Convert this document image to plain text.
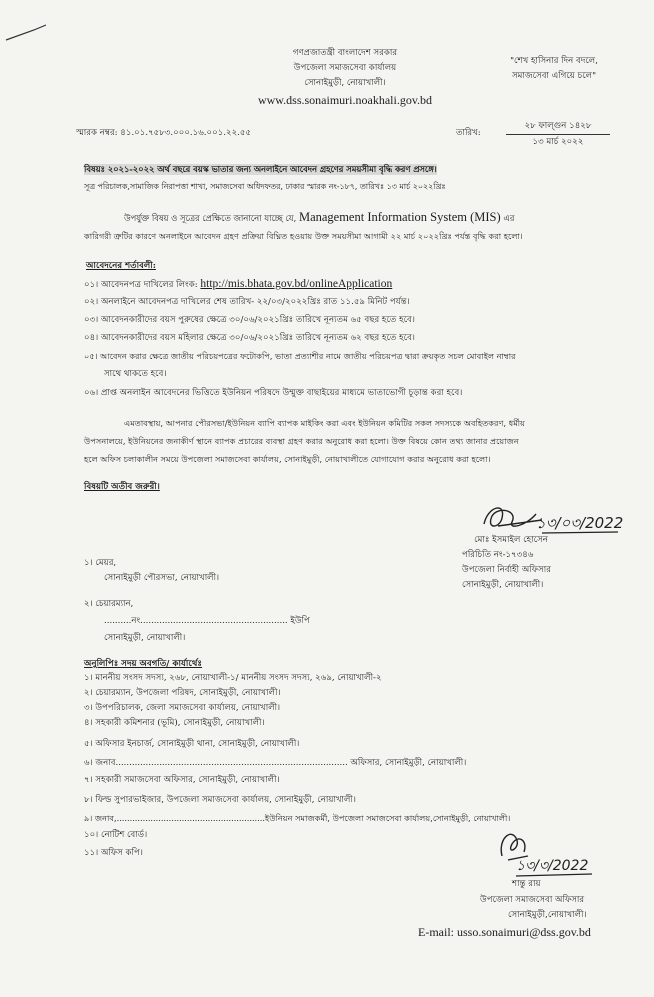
গণপ্রজাতন্ত্রী বাংলাদেশ সরকার
উপজেলা সমাজসেবা কার্যালয়
সোনাইমুড়ী, নোয়াখালী।
www.dss.sonaimuri.noakhali.gov.bd
"শেখ হাসিনার দিন বদলে,
সমাজসেবা এগিয়ে চলে"
স্মারক নম্বর: ৪১.০১.৭৫৮৩.০০০.১৬.০০১.২২.৫৫	তারিখ:
২৮ ফাল্গুন ১৪২৮
১৩ মার্চ ২০২২
বিষয়ঃ ২০২১-২০২২ অর্থ বছরে বয়স্ক ভাতার জন্য অনলাইনে আবেদন গ্রহণের সময়সীমা বৃদ্ধি করণ প্রসঙ্গে।
সূত্র পরিচালক,সামাজিক নিরাপত্তা শাখা, সমাজসেবা অধিদফতর, ঢাকার স্মারক নং-১৮৭, তারিখঃ ১৩ মার্চ ২০২২খ্রিঃ
উপর্যুক্ত বিষয় ও সূত্রের প্রেক্ষিতে জানানো যাচ্ছে যে, Management Information System (MIS) এর
কারিগরী ত্রুটির কারণে অনলাইনে আবেদন গ্রহণ প্রক্রিয়া বিঘ্নিত হওয়ায় উক্ত সময়সীমা আগামী ২২ মার্চ ২০২২খ্রিঃ পর্যন্ত বৃদ্ধি করা হলো।
আবেদনের শর্তাবলী:
০১। আবেদনপত্র দাখিলের লিংক: http://mis.bhata.gov.bd/onlineApplication
০২। অনলাইনে আবেদনপত্র দাখিলের শেষ তারিখ- ২২/০৩/২০২২খ্রিঃ রাত ১১.৫৯ মিনিট পর্যন্ত।
০৩। আবেদনকারীদের বয়স পুরুষের ক্ষেত্রে ৩০/০৬/২০২১খ্রিঃ তারিখে নূন্যতম ৬৫ বছর হতে হবে।
০৪। আবেদনকারীদের বয়স মহিলার ক্ষেত্রে ৩০/০৬/২০২১খ্রিঃ তারিখে নূন্যতম ৬২ বছর হতে হবে।
০৫। আবেদন করার ক্ষেত্রে জাতীয় পরিচয়পত্রের ফটোকপি, ভাতা প্রত্যাশীর নামে জাতীয় পরিচয়পত্র দ্বারা ক্রয়কৃত সচল মোবাইল নাম্বার
সাথে থাকতে হবে।
০৬। প্রাপ্ত অনলাইন আবেদনের ভিত্তিতে ইউনিয়ন পরিষদে উম্মুক্ত বাছাইয়ের মাধ্যমে ভাতাভোগী চূড়ান্ত করা হবে।
এমতাবস্থায়, আপনার পৌরসভা/ইউনিয়ন ব্যাপি ব্যাপক মাইকিং করা এবং ইউনিয়ন কমিটির সকল সদস্যকে অবহিতকরণ, ধর্মীয়
উপসনালয়ে, ইউনিয়নের জনাকীর্ণ স্থানে ব্যাপক প্রচারের ব্যবস্থা গ্রহণ করার অনুরোধ করা হলো। উক্ত বিষয়ে কোন তথ্য জানার প্রয়োজন
হলে অফিস চলাকালীন সময়ে উপজেলা সমাজসেবা কার্যালয়, সোনাইমুড়ী, নোয়াখালীতে যোগাযোগ করার অনুরোধ করা হলো।
বিষয়টি অতীব জরুরী।
১৩/০৩/2022
মোঃ ইসমাইল হোসেন
পরিচিতি নং-১৭৩৪৬
উপজেলা নির্বাহী অফিসার
সোনাইমুড়ী, নোয়াখালী।
১। মেয়র,
সোনাইমুড়ী পৌরসভা, নোয়াখালী।
২। চেয়ারম্যান,
..........নং...................................................... ইউপি
সোনাইমুড়ী, নোয়াখালী।
অনুলিপিঃ সদয় অবগতি/ কার্যার্থেঃ
১। মাননীয় সংসদ সদস্য, ২৬৮, নোয়াখালী-১/ মাননীয় সংসদ সদস্য, ২৬৯, নোয়াখালী-২
২। চেয়ারম্যান, উপজেলা পরিষদ, সোনাইমুড়ী, নোয়াখালী।
৩। উপপরিচালক, জেলা সমাজসেবা কার্যালয়, নোয়াখালী।
৪। সহকারী কমিশনার (ভূমি), সোনাইমুড়ী, নোয়াখালী।
৫। অফিসার ইনচার্জ, সোনাইমুড়ী থানা, সোনাইমুড়ী, নোয়াখালী।
৬। জনাব..................................................................................... অফিসার, সোনাইমুড়ী, নোয়াখালী।
৭। সহকারী সমাজসেবা অফিসার, সোনাইমুড়ী, নোয়াখালী।
৮। ফিল্ড সুপারভাইজার, উপজেলা সমাজসেবা কার্যালয়, সোনাইমুড়ী, নোয়াখালী।
৯। জনাব,.........................................................ইউনিয়ন সমাজকর্মী, উপজেলা সমাজসেবা কার্যালয়,সোনাইমুড়ী, নোয়াখালী।
১০। নোটিশ বোর্ড।
১১। অফিস কপি।
১৩/৩/2022
শান্তু রায়
উপজেলা সমাজসেবা অফিসার
সোনাইমুড়ী,নোয়াখালী।
E-mail: usso.sonaimuri@dss.gov.bd
